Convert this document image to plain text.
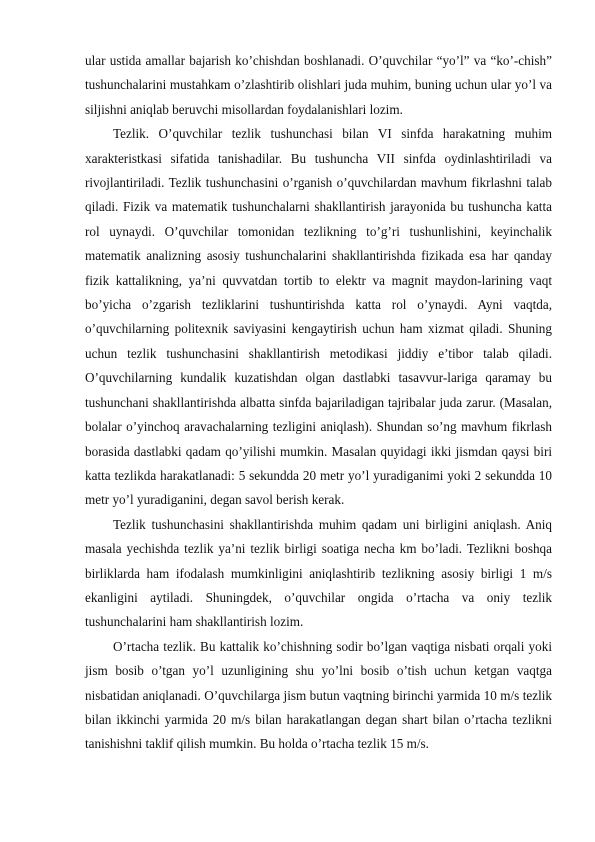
ular ustida amallar bajarish ko’chishdan boshlanadi. O’quvchilar “yo’l” va “ko’-chish” tushunchalarini mustahkam o’zlashtirib olishlari juda muhim, buning uchun ular yo’l va siljishni aniqlab beruvchi misollardan foydalanishlari lozim.

Tezlik. O’quvchilar tezlik tushunchasi bilan VI sinfda harakatning muhim xarakteristkasi sifatida tanishadilar. Bu tushuncha VII sinfda oydinlashtiriladi va rivojlantiriladi. Tezlik tushunchasini o’rganish o’quvchilardan mavhum fikrlashni talab qiladi. Fizik va matematik tushunchalarni shakllantirish jarayonida bu tushuncha katta rol uynaydi. O’quvchilar tomonidan tezlikning to’g’ri tushunlishini, keyinchalik matematik analizning asosiy tushunchalarini shakllantirishda fizikada esa har qanday fizik kattalikning, ya’ni quvvatdan tortib to elektr va magnit maydon-larining vaqt bo’yicha o’zgarish tezliklarini tushuntirishda katta rol o’ynaydi. Ayni vaqtda, o’quvchilarning politexnik saviyasini kengaytirish uchun ham xizmat qiladi. Shuning uchun tezlik tushunchasini shakllantirish metodikasi jiddiy e’tibor talab qiladi. O’quvchilarning kundalik kuzatishdan olgan dastlabki tasavvur-lariga qaramay bu tushunchani shakllantirishda albatta sinfda bajariladigan tajribalar juda zarur. (Masalan, bolalar o’yinchoq aravachalarning tezligini aniqlash). Shundan so’ng mavhum fikrlash borasida dastlabki qadam qo’yilishi mumkin. Masalan quyidagi ikki jismdan qaysi biri katta tezlikda harakatlanadi: 5 sekundda 20 metr yo’l yuradiganimi yoki 2 sekundda 10 metr yo’l yuradiganini, degan savol berish kerak.

Tezlik tushunchasini shakllantirishda muhim qadam uni birligini aniqlash. Aniq masala yechishda tezlik ya’ni tezlik birligi soatiga necha km bo’ladi. Tezlikni boshqa birliklarda ham ifodalash mumkinligini aniqlashtirib tezlikning asosiy birligi 1 m/s ekanligini aytiladi. Shuningdek, o’quvchilar ongida o’rtacha va oniy tezlik tushunchalarini ham shakllantirish lozim.

O’rtacha tezlik. Bu kattalik ko’chishning sodir bo’lgan vaqtiga nisbati orqali yoki jism bosib o’tgan yo’l uzunligining shu yo’lni bosib o’tish uchun ketgan vaqtga nisbatidan aniqlanadi. O’quvchilarga jism butun vaqtning birinchi yarmida 10 m/s tezlik bilan ikkinchi yarmida 20 m/s bilan harakatlangan degan shart bilan o’rtacha tezlikni tanishishni taklif qilish mumkin. Bu holda o’rtacha tezlik 15 m/s.
